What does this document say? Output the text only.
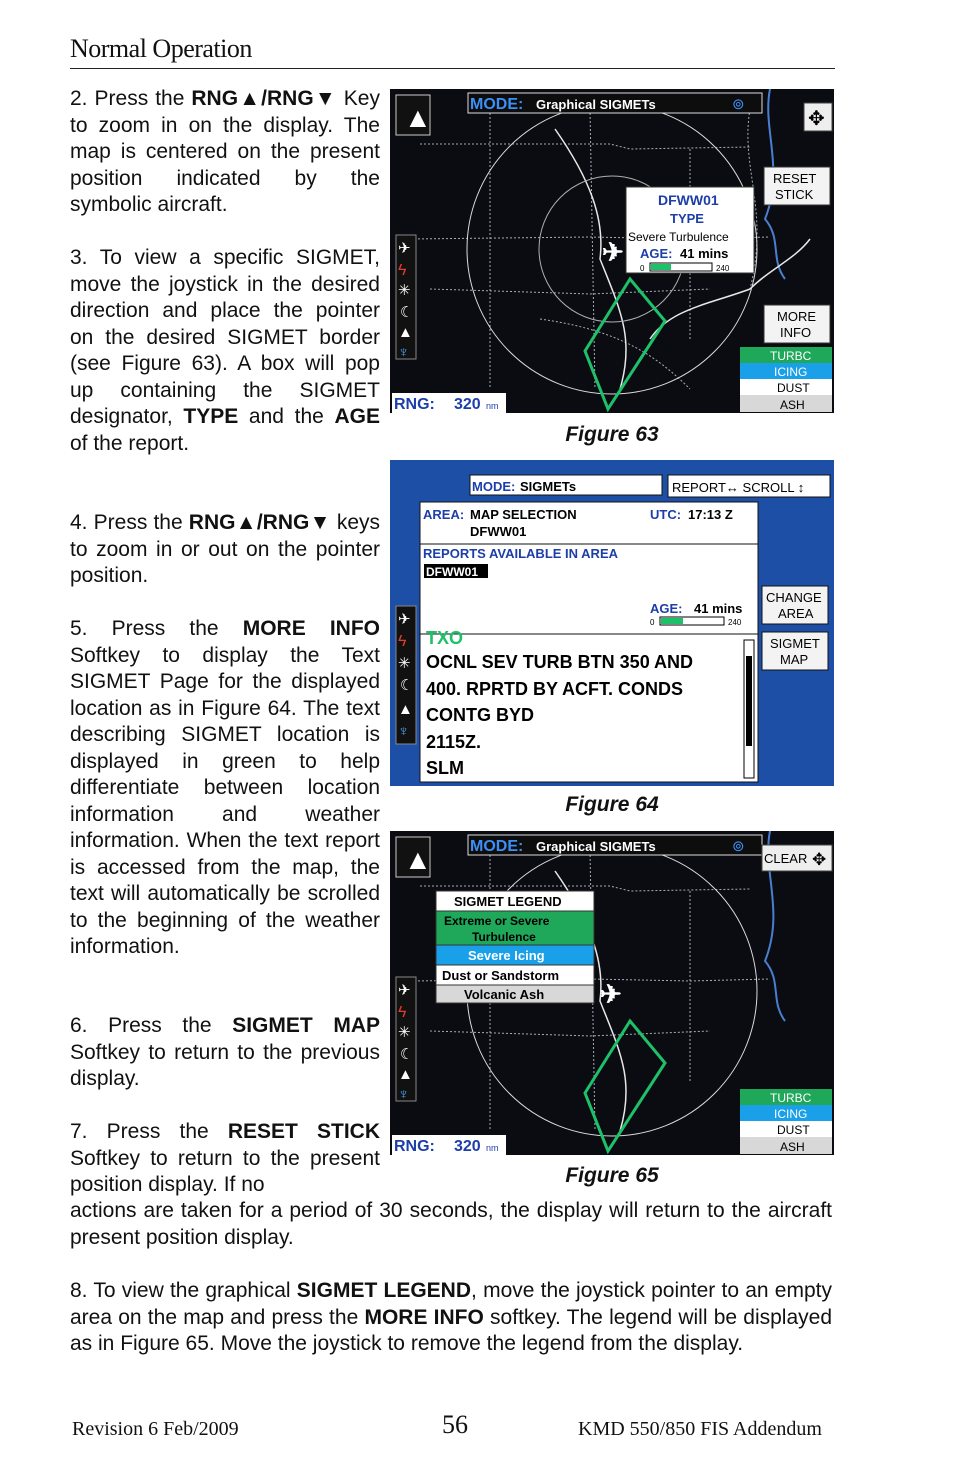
Normal Operation

2. Press the RNG▲/RNG▼ Key to zoom in on the display. The map is centered on the present position indicated by the symbolic aircraft.

3. To view a specific SIGMET, move the joystick in the desired direction and place the pointer on the desired SIGMET border (see Figure 63). A box will pop up containing the SIGMET designator, TYPE and the AGE of the report.

4. Press the RNG▲/RNG▼ keys to zoom in or out on the pointer position.

5. Press the MORE INFO Softkey to display the Text SIGMET Page for the displayed location as in Figure 64. The text describing SIGMET location is displayed in green to help differentiate between location information and weather information. When the text report is accessed from the map, the text will automatically be scrolled to the beginning of the weather information.

6. Press the SIGMET MAP Softkey to return to the previous display.

7. Press the RESET STICK Softkey to return to the present position display. If no

actions are taken for a period of 30 seconds, the display will return to the aircraft present position display.

8. To view the graphical SIGMET LEGEND, move the joystick pointer to an empty area on the map and press the MORE INFO softkey. The legend will be displayed as in Figure 65. Move the joystick to remove the legend from the display.

✈
▲ MODE: Graphical SIGMETs	⊚
✥
RESET
STICK
MORE
INFO
DFWW01
TYPE
Severe Turbulence
AGE: 41 mins
0	240
✈
ϟ
✳
☾
▲
♆
RNG: 320 nm
TURBC
ICING
DUST
ASH
Figure 63
MODE: SIGMETs	REPORT↔ SCROLL ↕
AREA: MAP SELECTION
DFWW01
UTC: 17:13 Z
REPORTS AVAILABLE IN AREA
DFWW01
AGE: 41 mins
0	240
TXO
OCNL SEV TURB BTN 350 AND
400. RPRTD BY ACFT. CONDS
CONTG BYD
2115Z.
SLM
CHANGE
AREA
SIGMET
MAP
✈
ϟ
✳
☾
▲
♆
Figure 64
✈
▲ MODE: Graphical SIGMETs	⊚
CLEAR ✥
SIGMET LEGEND
Extreme or Severe
Turbulence
Severe Icing
Dust or Sandstorm
Volcanic Ash
✈
ϟ
✳
☾
▲
♆
RNG: 320 nm
TURBC
ICING
DUST
ASH
Figure 65
Revision 6 Feb/2009	56	KMD 550/850 FIS Addendum
